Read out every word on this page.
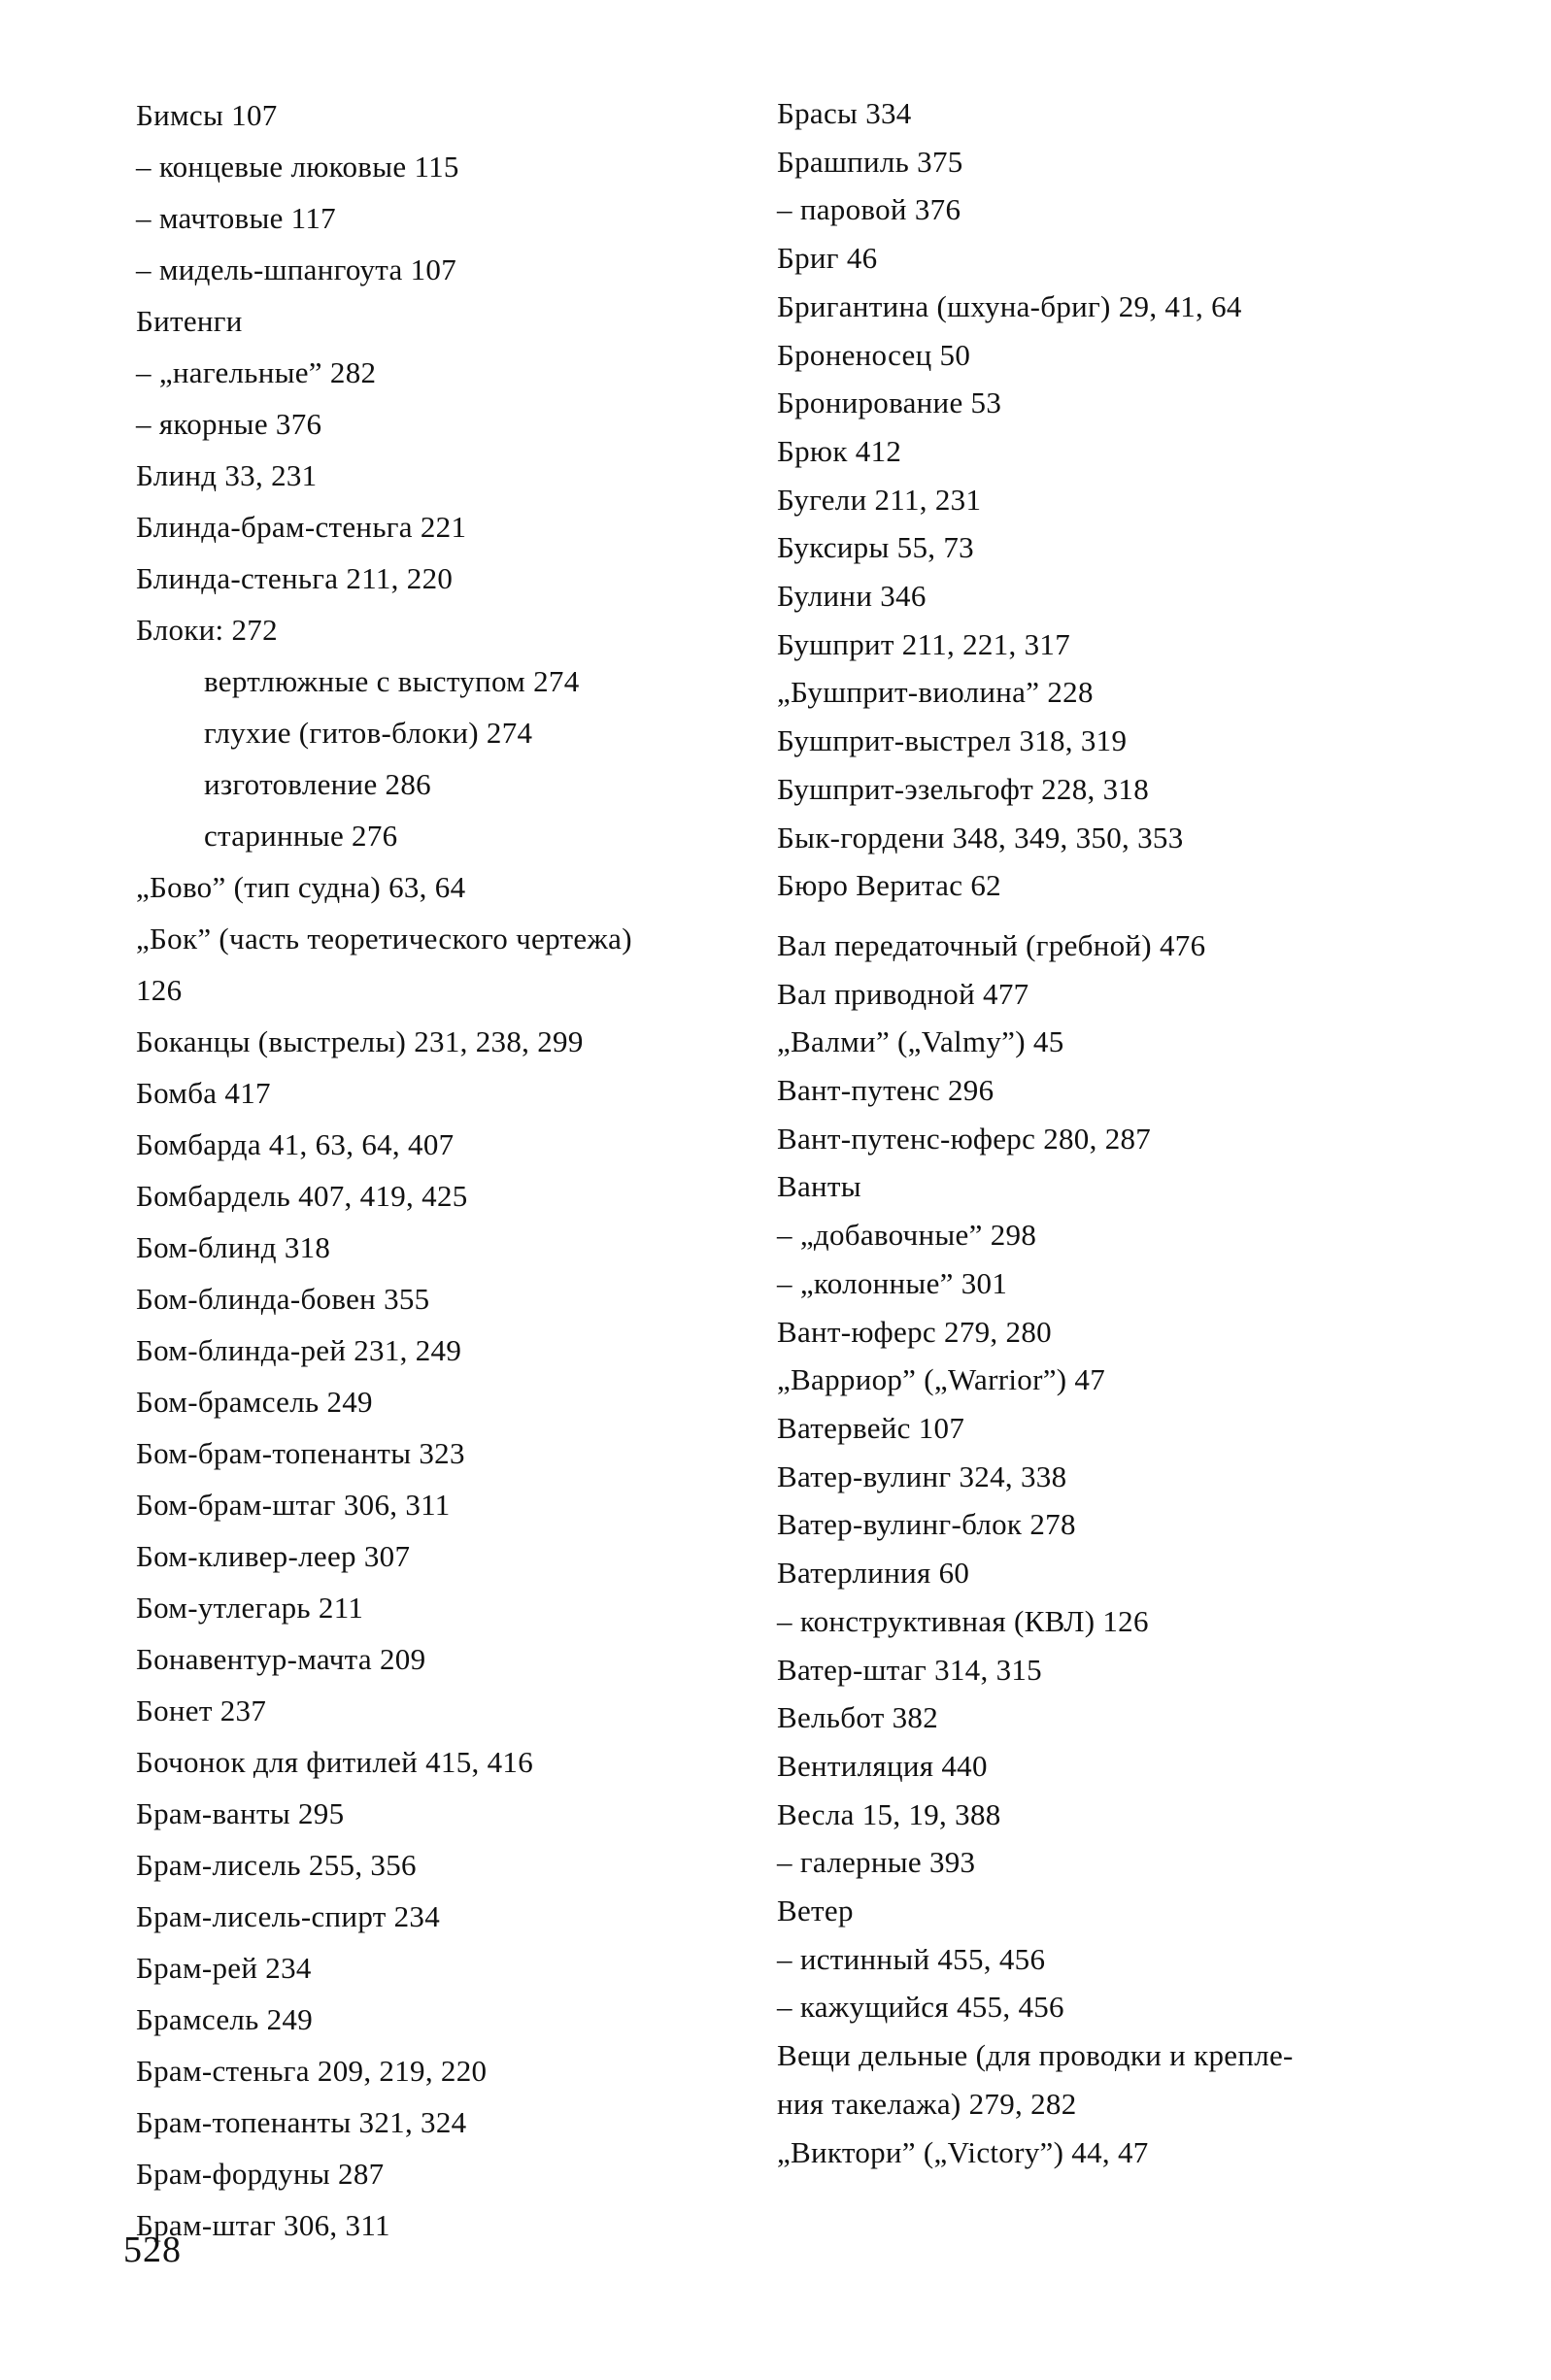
Бимсы 107
– концевые люковые 115
– мачтовые 117
– мидель-шпангоута 107
Битенги
– „нагельные” 282
– якорные 376
Блинд 33, 231
Блинда-брам-стеньга 221
Блинда-стеньга 211, 220
Блоки: 272
вертлюжные с выступом 274
глухие (гитов-блоки) 274
изготовление 286
старинные 276
„Бово” (тип судна) 63, 64
„Бок” (часть теоретического чертежа)
126
Боканцы (выстрелы) 231, 238, 299
Бомба 417
Бомбарда 41, 63, 64, 407
Бомбардель 407, 419, 425
Бом-блинд 318
Бом-блинда-бовен 355
Бом-блинда-рей 231, 249
Бом-брамсель 249
Бом-брам-топенанты 323
Бом-брам-штаг 306, 311
Бом-кливер-леер 307
Бом-утлегарь 211
Бонавентур-мачта 209
Бонет 237
Бочонок для фитилей 415, 416
Брам-ванты 295
Брам-лисель 255, 356
Брам-лисель-спирт 234
Брам-рей 234
Брамсель 249
Брам-стеньга 209, 219, 220
Брам-топенанты 321, 324
Брам-фордуны 287
Брам-штаг 306, 311
Брасы 334
Брашпиль 375
– паровой 376
Бриг 46
Бригантина (шхуна-бриг) 29, 41, 64
Броненосец 50
Бронирование 53
Брюк 412
Бугели 211, 231
Буксиры 55, 73
Булини 346
Бушприт 211, 221, 317
„Бушприт-виолина” 228
Бушприт-выстрел 318, 319
Бушприт-эзельгофт 228, 318
Бык-гордени 348, 349, 350, 353
Бюро Веритас 62
Вал передаточный (гребной) 476
Вал приводной 477
„Валми” („Valmy”) 45
Вант-путенс 296
Вант-путенс-юферс 280, 287
Ванты
– „добавочные” 298
– „колонные” 301
Вант-юферс 279, 280
„Варриор” („Warrior”) 47
Ватервейс 107
Ватер-вулинг 324, 338
Ватер-вулинг-блок 278
Ватерлиния 60
– конструктивная (КВЛ) 126
Ватер-штаг 314, 315
Вельбот 382
Вентиляция 440
Весла 15, 19, 388
– галерные 393
Ветер
– истинный 455, 456
– кажущийся 455, 456
Вещи дельные (для проводки и крепле-
ния такелажа) 279, 282
„Виктори” („Victory”) 44, 47
528
